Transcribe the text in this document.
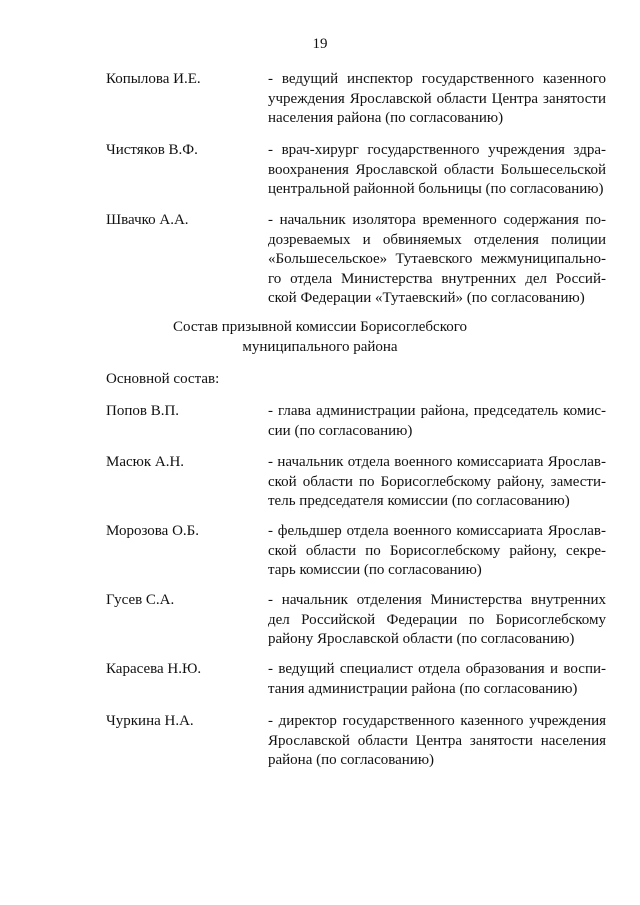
19
Копылова И.Е.	- ведущий инспектор государственного казенного
учреждения Ярославской области Центра занятости
населения района (по согласованию)
Чистяков В.Ф.	- врач-хирург государственного учреждения здра-
воохранения Ярославской области Большесельской
центральной районной больницы (по согласованию)
Швачко А.А.	- начальник изолятора временного содержания по-
дозреваемых и обвиняемых отделения полиции
«Большесельское» Тутаевского межмуниципально-
го отдела Министерства внутренних дел Россий-
ской Федерации «Тутаевский» (по согласованию)
Состав призывной комиссии Борисоглебского
муниципального района
Основной состав:
Попов В.П.	- глава администрации района, председатель комис-
сии (по согласованию)
Масюк А.Н.	- начальник отдела военного комиссариата Ярослав-
ской области по Борисоглебскому району, замести-
тель председателя комиссии (по согласованию)
Морозова О.Б.	- фельдшер отдела военного комиссариата Ярослав-
ской области по Борисоглебскому району, секре-
тарь комиссии (по согласованию)
Гусев С.А.	- начальник отделения Министерства внутренних
дел Российской Федерации по Борисоглебскому
району Ярославской области (по согласованию)
Карасева Н.Ю.	- ведущий специалист отдела образования и воспи-
тания администрации района (по согласованию)
Чуркина Н.А.	- директор государственного казенного учреждения
Ярославской области Центра занятости населения
района (по согласованию)
